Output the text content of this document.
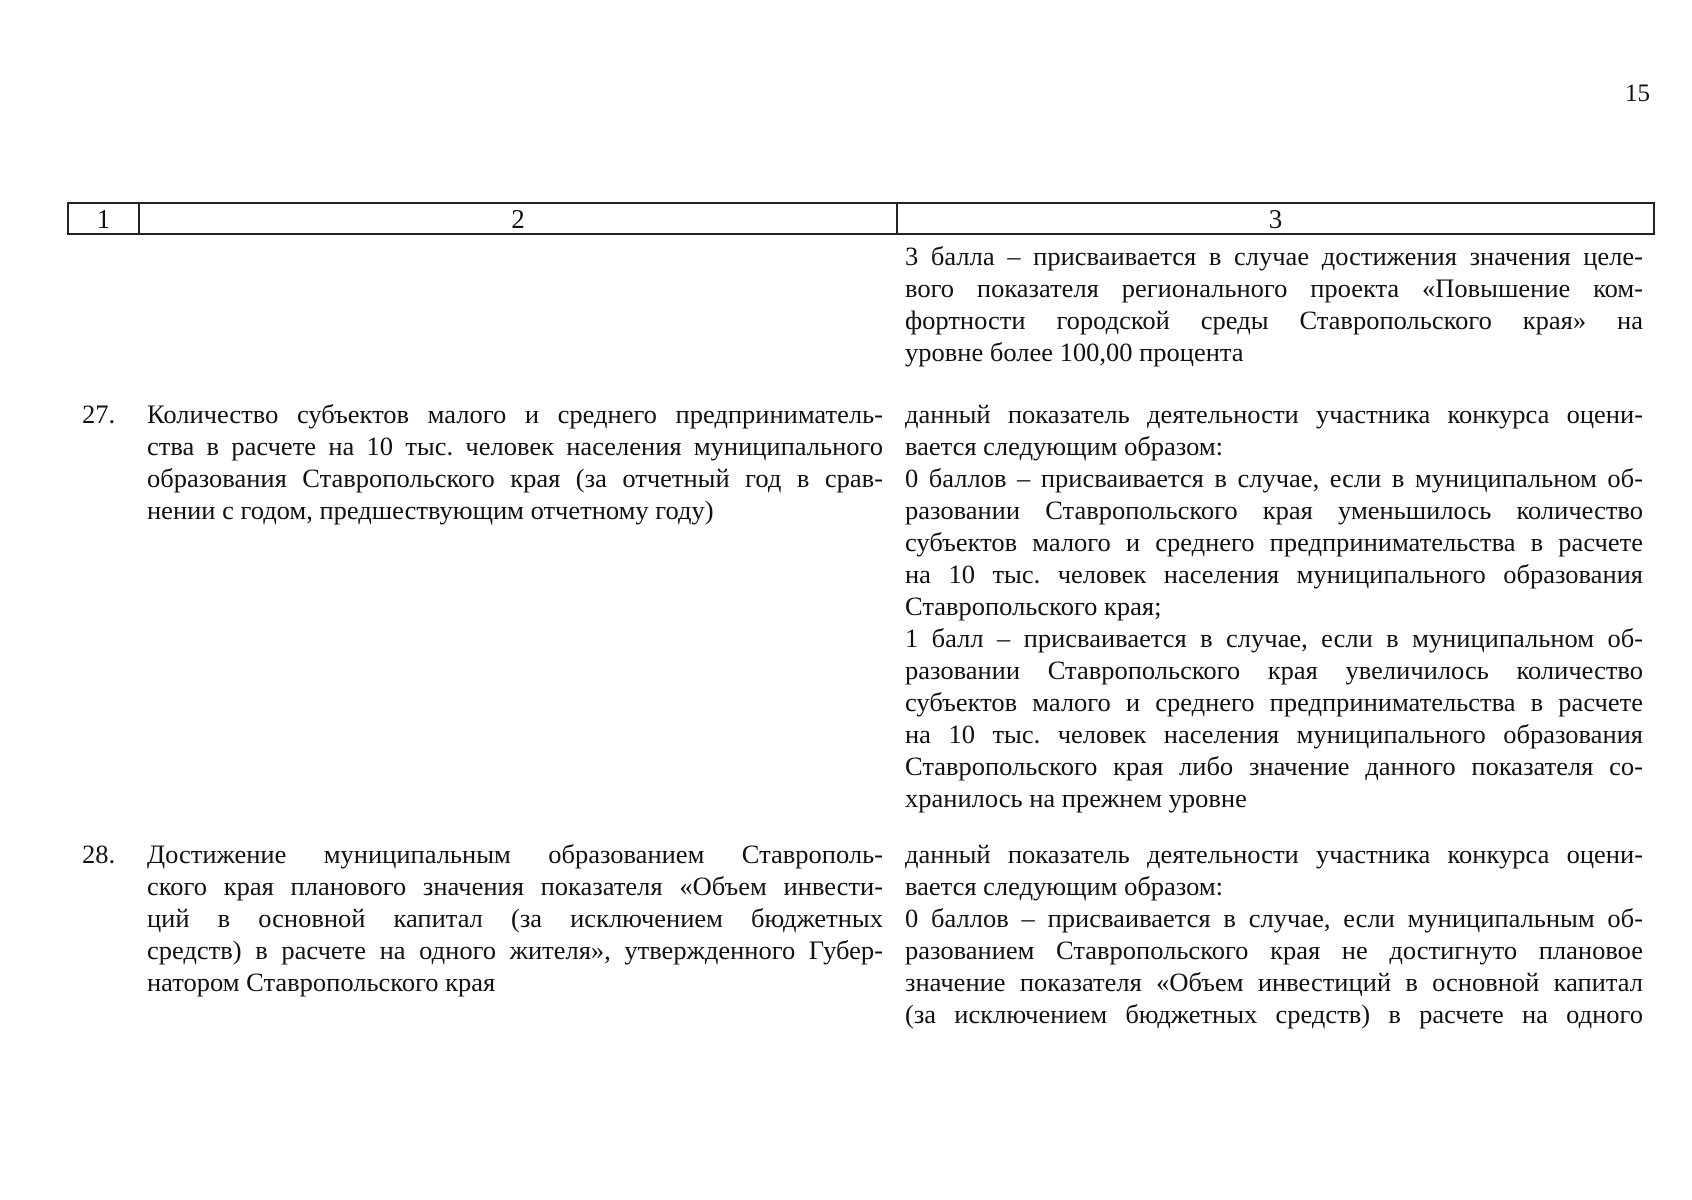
15
1	2	3
3 балла – присваивается в случае достижения значения целе-
вого показателя регионального проекта «Повышение ком-
фортности городской среды Ставропольского края» на
уровне более 100,00 процента
27. Количество субъектов малого и среднего предприниматель-
ства в расчете на 10 тыс. человек населения муниципального
образования Ставропольского края (за отчетный год в срав-
нении с годом, предшествующим отчетному году)
данный показатель деятельности участника конкурса оцени-
вается следующим образом:
0 баллов – присваивается в случае, если в муниципальном об-
разовании Ставропольского края уменьшилось количество
субъектов малого и среднего предпринимательства в расчете
на 10 тыс. человек населения муниципального образования
Ставропольского края;
1 балл – присваивается в случае, если в муниципальном об-
разовании Ставропольского края увеличилось количество
субъектов малого и среднего предпринимательства в расчете
на 10 тыс. человек населения муниципального образования
Ставропольского края либо значение данного показателя со-
хранилось на прежнем уровне
28. Достижение муниципальным образованием Ставрополь-
ского края планового значения показателя «Объем инвести-
ций в основной капитал (за исключением бюджетных
средств) в расчете на одного жителя», утвержденного Губер-
натором Ставропольского края
данный показатель деятельности участника конкурса оцени-
вается следующим образом:
0 баллов – присваивается в случае, если муниципальным об-
разованием Ставропольского края не достигнуто плановое
значение показателя «Объем инвестиций в основной капитал
(за исключением бюджетных средств) в расчете на одного
